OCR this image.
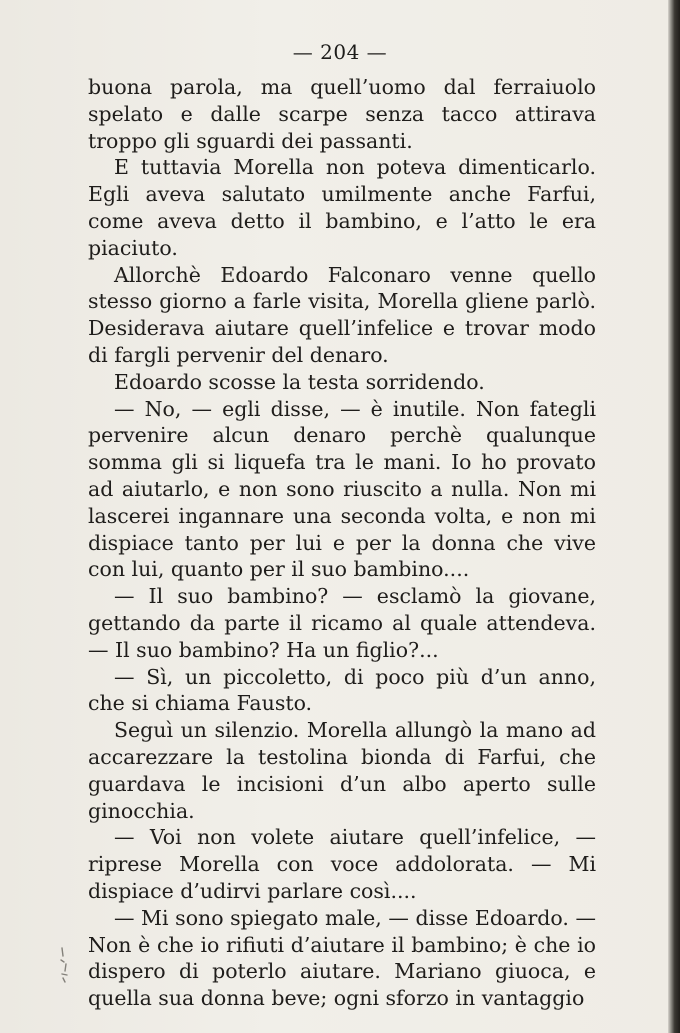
— 204 —

buona parola, ma quell’uomo dal ferraiuolo spelato e dalle scarpe senza tacco attirava troppo gli sguardi dei passanti.

E tuttavia Morella non poteva dimenticarlo. Egli aveva salutato umilmente anche Farfui, come aveva detto il bambino, e l’atto le era piaciuto.

Allorchè Edoardo Falconaro venne quello stesso giorno a farle visita, Morella gliene parlò. Desiderava aiutare quell’infelice e trovar modo di fargli pervenir del denaro.

Edoardo scosse la testa sorridendo.

— No, — egli disse, — è inutile. Non fategli pervenire alcun denaro perchè qualunque somma gli si liquefa tra le mani. Io ho provato ad aiutarlo, e non sono riuscito a nulla. Non mi lascerei ingannare una seconda volta, e non mi dispiace tanto per lui e per la donna che vive con lui, quanto per il suo bambino....

— Il suo bambino? — esclamò la giovane, gettando da parte il ricamo al quale attendeva. — Il suo bambino? Ha un figlio?...

— Sì, un piccoletto, di poco più d’un anno, che si chiama Fausto.

Seguì un silenzio. Morella allungò la mano ad accarezzare la testolina bionda di Farfui, che guardava le incisioni d’un albo aperto sulle ginocchia.

— Voi non volete aiutare quell’infelice, — riprese Morella con voce addolorata. — Mi dispiace d’udirvi parlare così....

— Mi sono spiegato male, — disse Edoardo. — Non è che io rifiuti d’aiutare il bambino; è che io dispero di poterlo aiutare. Mariano giuoca, e quella sua donna beve; ogni sforzo in vantaggio
